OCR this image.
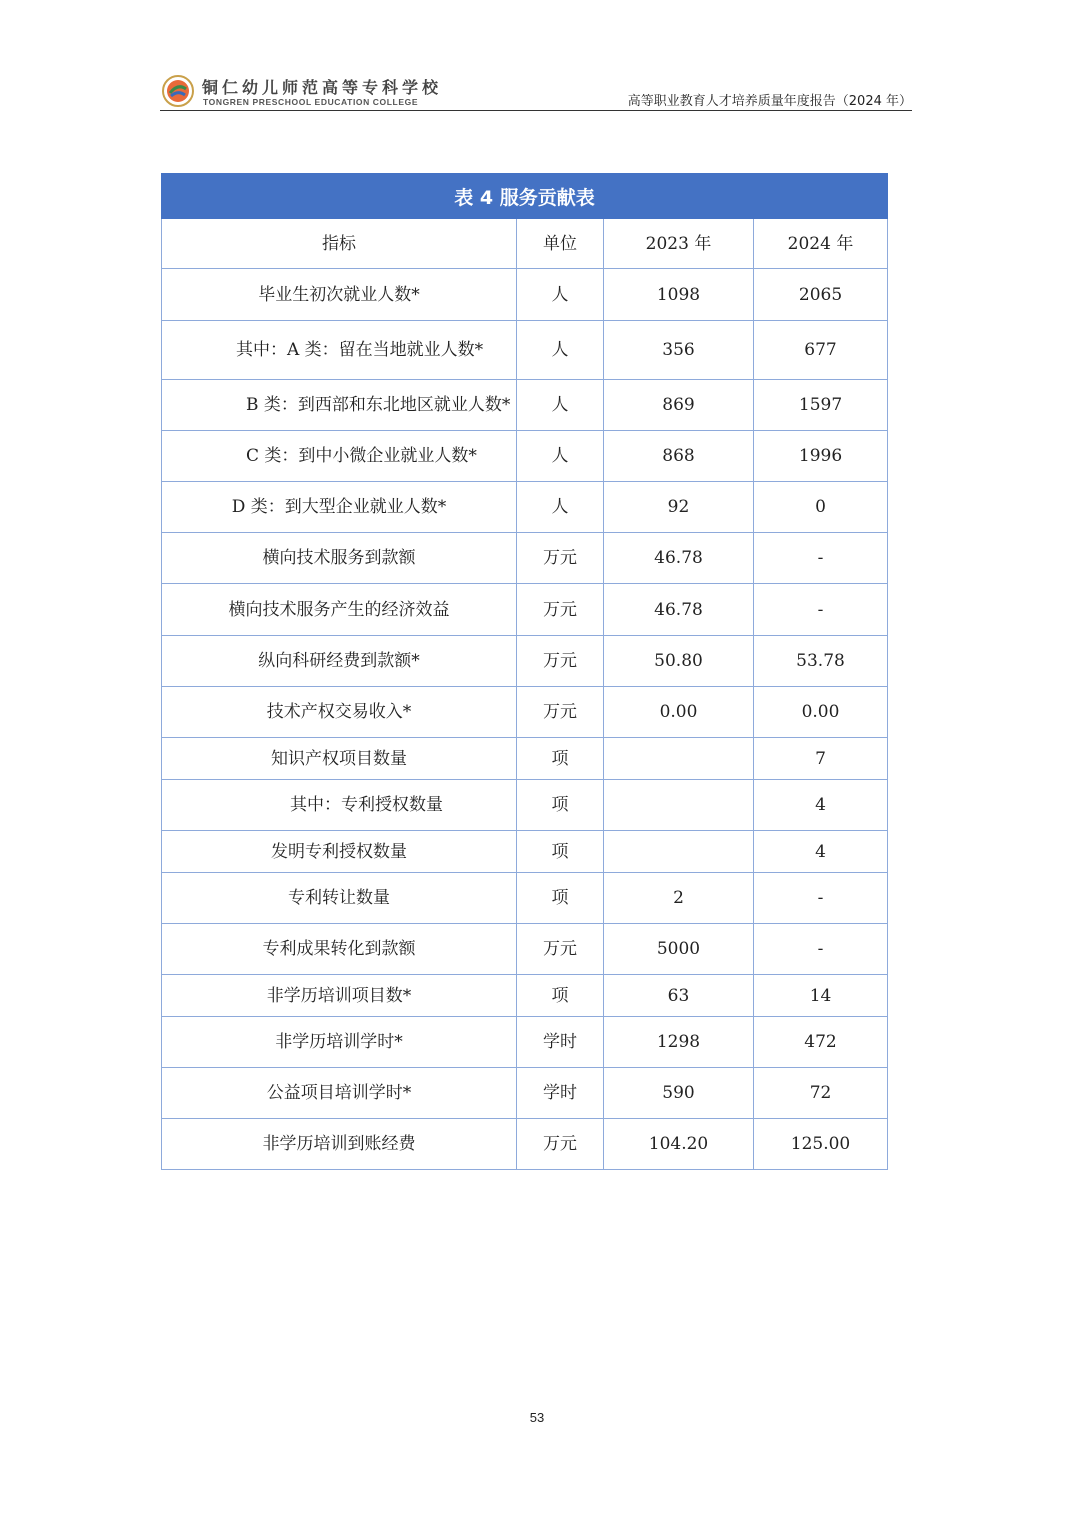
铜仁幼儿师范高等专科学校
TONGREN PRESCHOOL EDUCATION COLLEGE	高等职业教育人才培养质量年度报告（2024 年）
表 4 服务贡献表			
指标	单位	2023 年	2024 年
毕业生初次就业人数*	人	1098	2065
其中：A 类：留在当地就业人数*	人	356	677
B 类：到西部和东北地区就业人数*	人	869	1597
C 类：到中小微企业就业人数*	人	868	1996
D 类：到大型企业就业人数*	人	92	0
横向技术服务到款额	万元	46.78	-
横向技术服务产生的经济效益	万元	46.78	-
纵向科研经费到款额*	万元	50.80	53.78
技术产权交易收入*	万元	0.00	0.00
知识产权项目数量	项		7
其中：专利授权数量	项		4
发明专利授权数量	项		4
专利转让数量	项	2	-
专利成果转化到款额	万元	5000	-
非学历培训项目数*	项	63	14
非学历培训学时*	学时	1298	472
公益项目培训学时*	学时	590	72
非学历培训到账经费	万元	104.20	125.00
53
